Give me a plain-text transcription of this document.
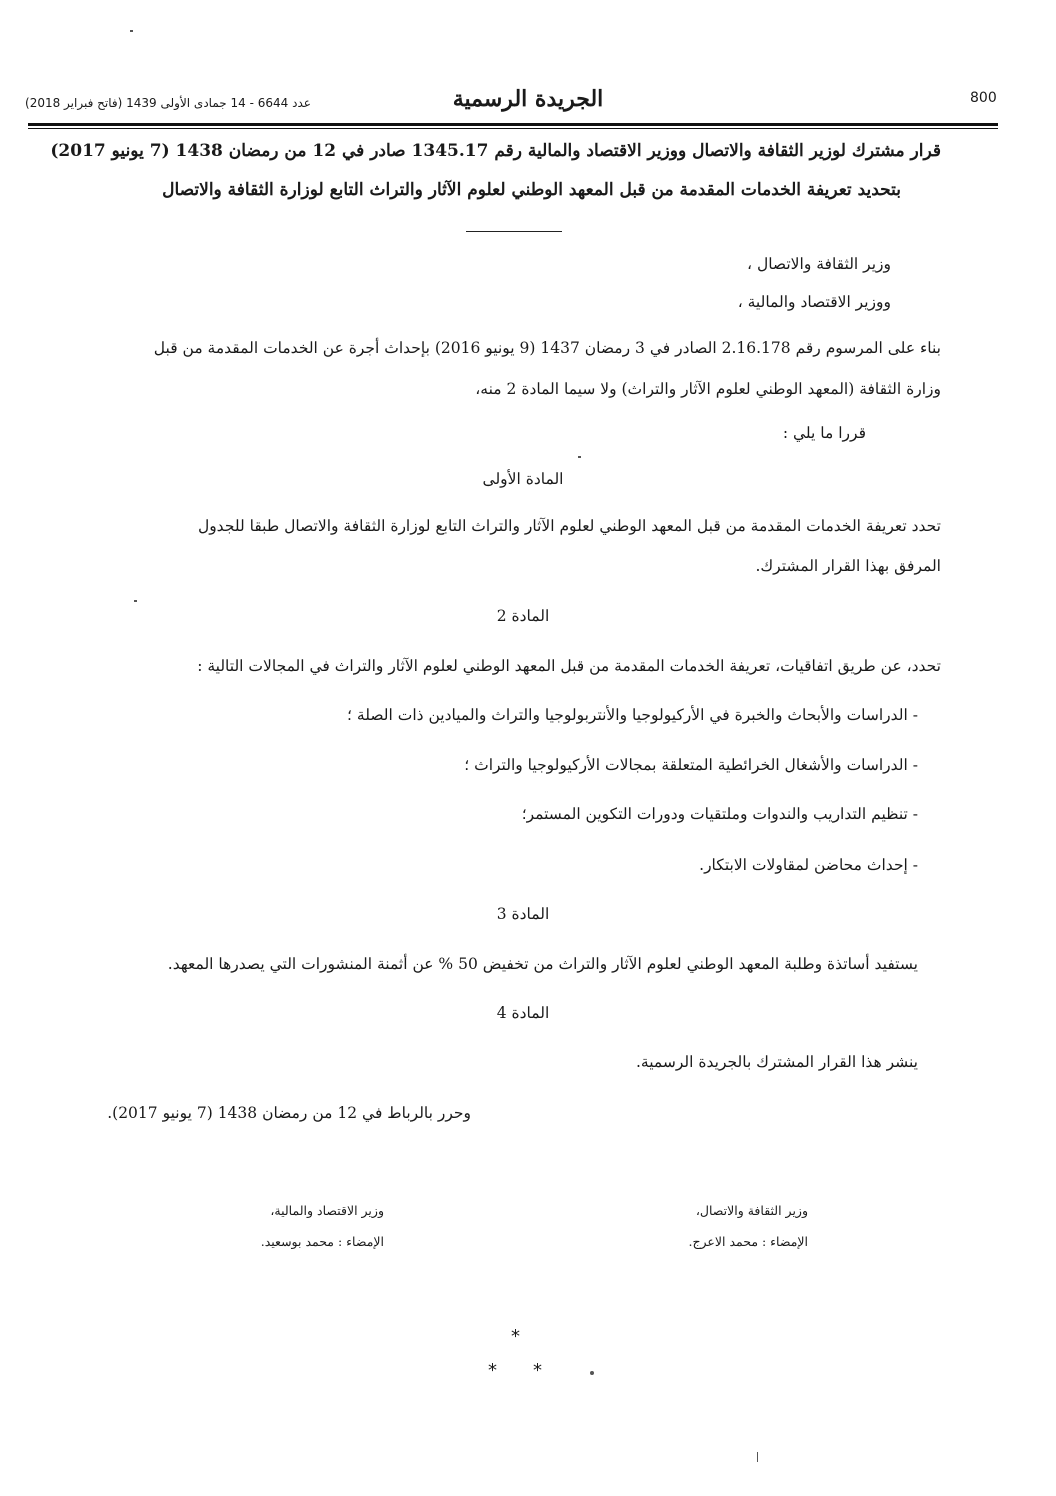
800
الجريدة الرسمية
عدد 6644 - 14 جمادى الأولى 1439 (فاتح فبراير 2018)
قرار مشترك لوزير الثقافة والاتصال ووزير الاقتصاد والمالية رقم 1345.17 صادر في 12 من رمضان 1438 (7 يونيو 2017)
بتحديد تعريفة الخدمات المقدمة من قبل المعهد الوطني لعلوم الآثار والتراث التابع لوزارة الثقافة والاتصال
وزير الثقافة والاتصال ،
ووزير الاقتصاد والمالية ،
بناء على المرسوم رقم 2.16.178 الصادر في 3 رمضان 1437 (9 يونيو 2016) بإحداث أجرة عن الخدمات المقدمة من قبل
وزارة الثقافة (المعهد الوطني لعلوم الآثار والتراث) ولا سيما المادة 2 منه،
قررا ما يلي :
المادة الأولى
تحدد تعريفة الخدمات المقدمة من قبل المعهد الوطني لعلوم الآثار والتراث التابع لوزارة الثقافة والاتصال طبقا للجدول
المرفق بهذا القرار المشترك.
المادة 2
تحدد، عن طريق اتفاقيات، تعريفة الخدمات المقدمة من قبل المعهد الوطني لعلوم الآثار والتراث في المجالات التالية :
- الدراسات والأبحاث والخبرة في الأركيولوجيا والأنتربولوجيا والتراث والميادين ذات الصلة ؛
- الدراسات والأشغال الخرائطية المتعلقة بمجالات الأركيولوجيا والتراث ؛
- تنظيم التداريب والندوات وملتقيات ودورات التكوين المستمر؛
- إحداث محاضن لمقاولات الابتكار.
المادة 3
يستفيد أساتذة وطلبة المعهد الوطني لعلوم الآثار والتراث من تخفيض 50 % عن أثمنة المنشورات التي يصدرها المعهد.
المادة 4
ينشر هذا القرار المشترك بالجريدة الرسمية.
وحرر بالرباط في 12 من رمضان 1438 (7 يونيو 2017).
وزير الثقافة والاتصال،
الإمضاء : محمد الاعرج.
وزير الاقتصاد والمالية،
الإمضاء : محمد بوسعيد.
*
* *
